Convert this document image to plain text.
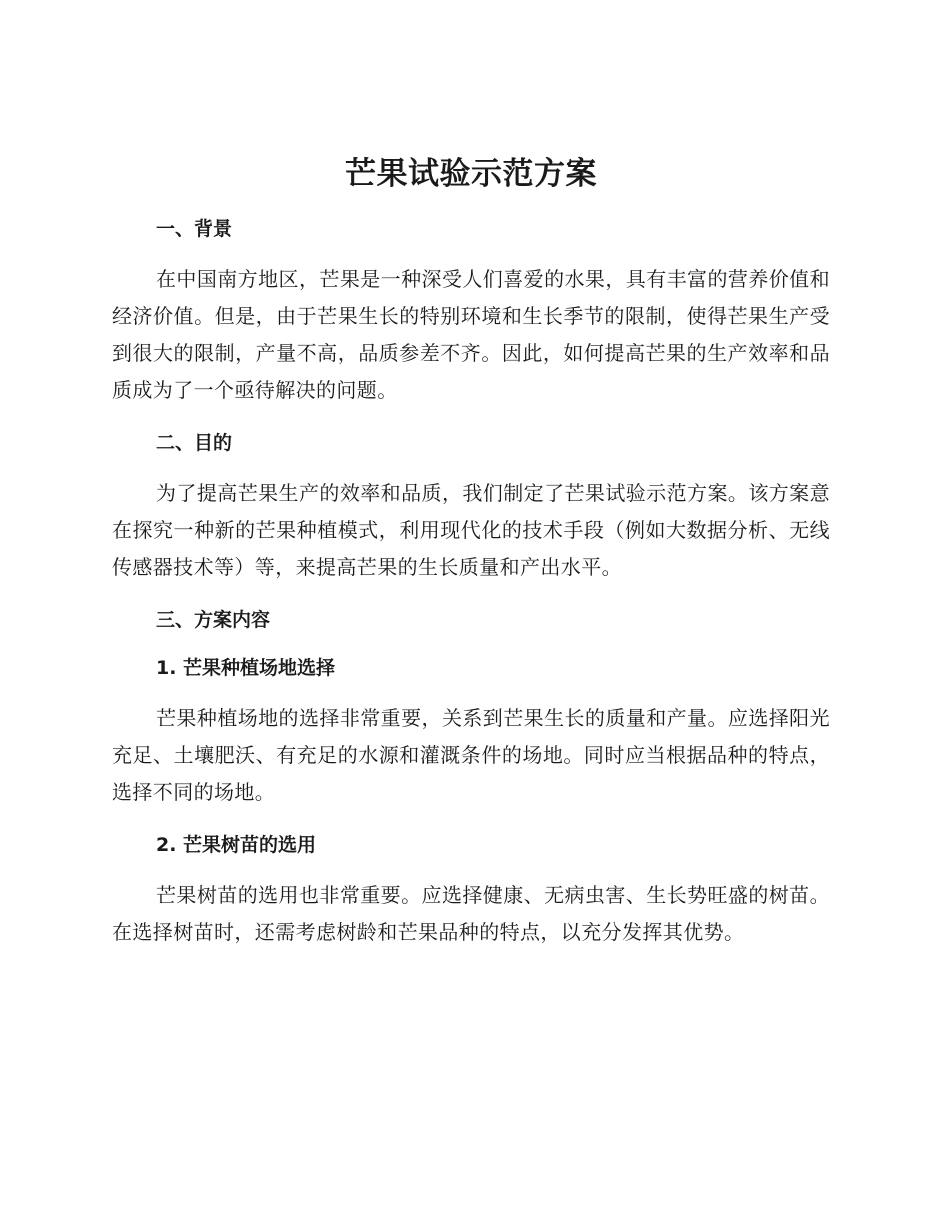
芒果试验示范方案
一、背景

在中国南方地区，芒果是一种深受人们喜爱的水果，具有丰富的营养价值和经济价值。但是，由于芒果生长的特别环境和生长季节的限制，使得芒果生产受到很大的限制，产量不高，品质参差不齐。因此，如何提高芒果的生产效率和品质成为了一个亟待解决的问题。

二、目的

为了提高芒果生产的效率和品质，我们制定了芒果试验示范方案。该方案意在探究一种新的芒果种植模式，利用现代化的技术手段（例如大数据分析、无线传感器技术等）等，来提高芒果的生长质量和产出水平。

三、方案内容
1. 芒果种植场地选择

芒果种植场地的选择非常重要，关系到芒果生长的质量和产量。应选择阳光充足、土壤肥沃、有充足的水源和灌溉条件的场地。同时应当根据品种的特点，选择不同的场地。

2. 芒果树苗的选用

芒果树苗的选用也非常重要。应选择健康、无病虫害、生长势旺盛的树苗。在选择树苗时，还需考虑树龄和芒果品种的特点，以充分发挥其优势。
